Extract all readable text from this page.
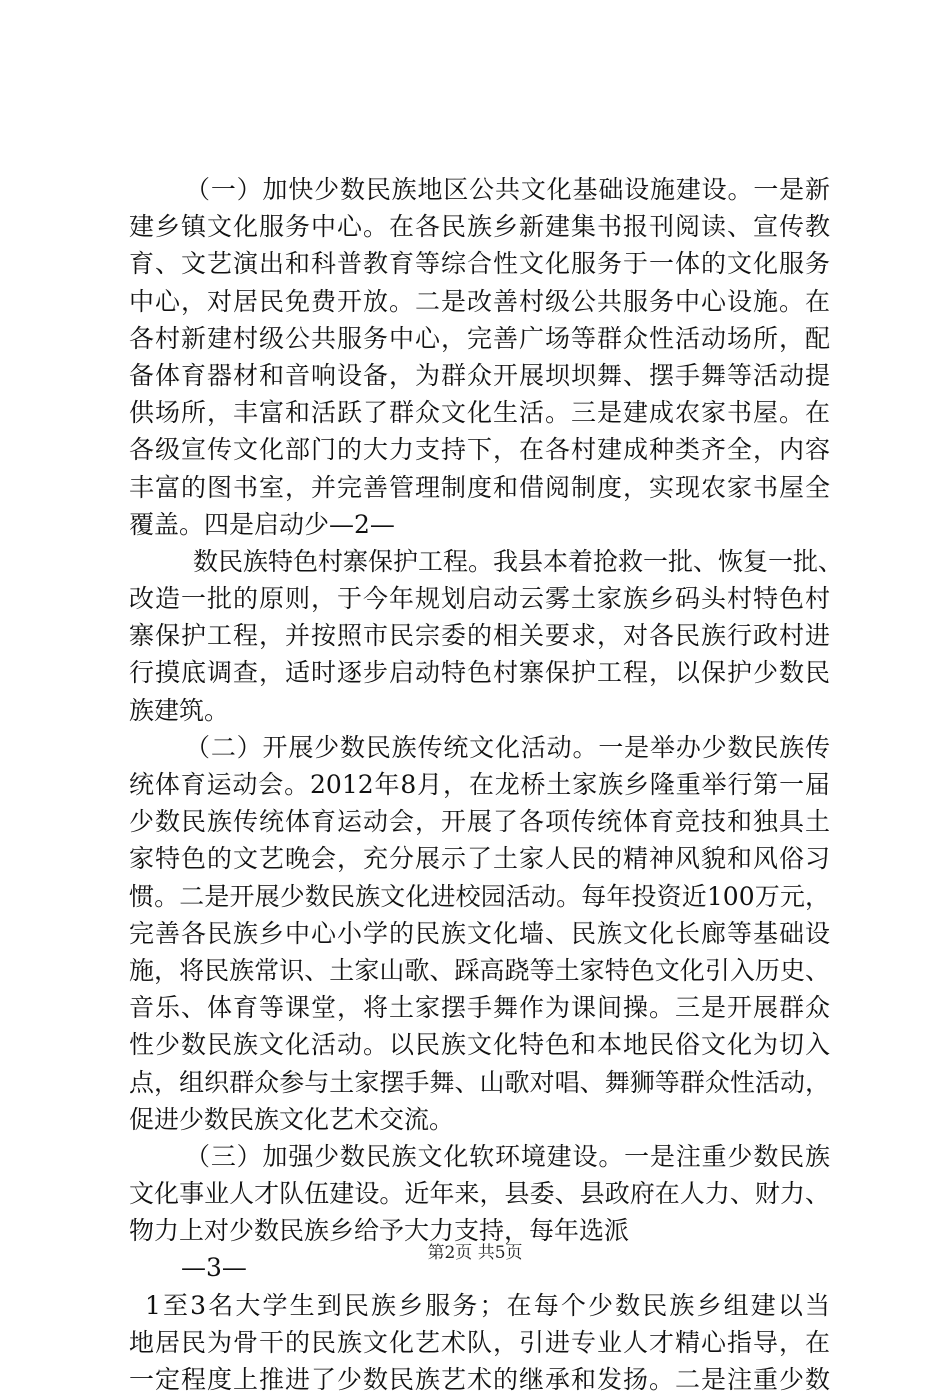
（一）加快少数民族地区公共文化基础设施建设。一是新
建乡镇文化服务中心。在各民族乡新建集书报刊阅读、宣传教
育、文艺演出和科普教育等综合性文化服务于一体的文化服务
中心，对居民免费开放。二是改善村级公共服务中心设施。在
各村新建村级公共服务中心，完善广场等群众性活动场所，配
备体育器材和音响设备，为群众开展坝坝舞、摆手舞等活动提
供场所，丰富和活跃了群众文化生活。三是建成农家书屋。在
各级宣传文化部门的大力支持下，在各村建成种类齐全，内容
丰富的图书室，并完善管理制度和借阅制度，实现农家书屋全
覆盖。四是启动少—2—
数民族特色村寨保护工程。我县本着抢救一批、恢复一批、
改造一批的原则，于今年规划启动云雾土家族乡码头村特色村
寨保护工程，并按照市民宗委的相关要求，对各民族行政村进
行摸底调查，适时逐步启动特色村寨保护工程，以保护少数民
族建筑。
（二）开展少数民族传统文化活动。一是举办少数民族传
统体育运动会。2012年8月，在龙桥土家族乡隆重举行第一届
少数民族传统体育运动会，开展了各项传统体育竞技和独具土
家特色的文艺晚会，充分展示了土家人民的精神风貌和风俗习
惯。二是开展少数民族文化进校园活动。每年投资近100万元，
完善各民族乡中心小学的民族文化墙、民族文化长廊等基础设
施，将民族常识、土家山歌、踩高跷等土家特色文化引入历史、
音乐、体育等课堂，将土家摆手舞作为课间操。三是开展群众
性少数民族文化活动。以民族文化特色和本地民俗文化为切入
点，组织群众参与土家摆手舞、山歌对唱、舞狮等群众性活动，
促进少数民族文化艺术交流。
（三）加强少数民族文化软环境建设。一是注重少数民族
文化事业人才队伍建设。近年来，县委、县政府在人力、财力、
物力上对少数民族乡给予大力支持，每年选派
—3—
1至3名大学生到民族乡服务；在每个少数民族乡组建以当
地居民为骨干的民族文化艺术队，引进专业人才精心指导，在
一定程度上推进了少数民族艺术的继承和发扬。二是注重少数
第2页 共5页
